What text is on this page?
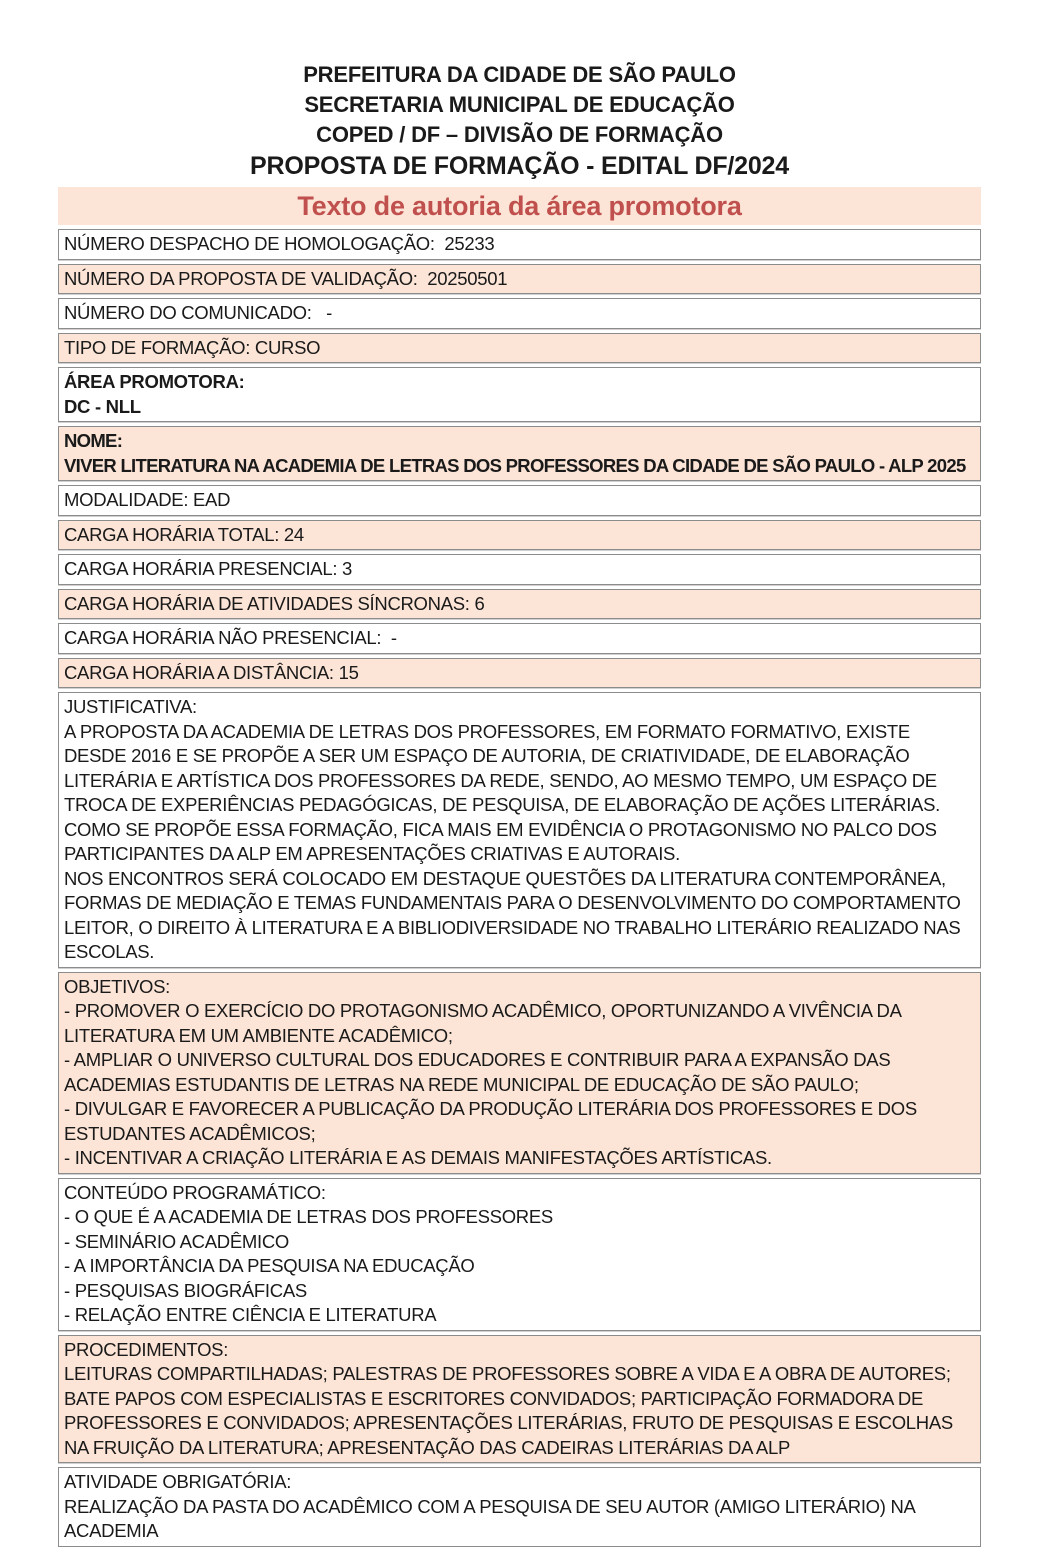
PREFEITURA DA CIDADE DE SÃO PAULO
SECRETARIA MUNICIPAL DE EDUCAÇÃO
COPED / DF – DIVISÃO DE FORMAÇÃO
PROPOSTA DE FORMAÇÃO - EDITAL DF/2024
Texto de autoria da área promotora
NÚMERO DESPACHO DE HOMOLOGAÇÃO:  25233
NÚMERO DA PROPOSTA DE VALIDAÇÃO:  20250501
NÚMERO DO COMUNICADO:   -
TIPO DE FORMAÇÃO: CURSO
ÁREA PROMOTORA:
DC - NLL
NOME:
VIVER LITERATURA NA ACADEMIA DE LETRAS DOS PROFESSORES DA CIDADE DE SÃO PAULO - ALP 2025
MODALIDADE: EAD
CARGA HORÁRIA TOTAL: 24
CARGA HORÁRIA PRESENCIAL: 3
CARGA HORÁRIA DE ATIVIDADES SÍNCRONAS: 6
CARGA HORÁRIA NÃO PRESENCIAL:  -
CARGA HORÁRIA A DISTÂNCIA: 15
JUSTIFICATIVA:
A PROPOSTA DA ACADEMIA DE LETRAS DOS PROFESSORES, EM FORMATO FORMATIVO, EXISTE DESDE 2016 E SE PROPÕE A SER UM ESPAÇO DE AUTORIA, DE CRIATIVIDADE, DE ELABORAÇÃO LITERÁRIA E ARTÍSTICA DOS PROFESSORES DA REDE, SENDO, AO MESMO TEMPO, UM ESPAÇO DE TROCA DE EXPERIÊNCIAS PEDAGÓGICAS, DE PESQUISA, DE ELABORAÇÃO DE AÇÕES LITERÁRIAS. COMO SE PROPÕE ESSA FORMAÇÃO, FICA MAIS EM EVIDÊNCIA O PROTAGONISMO NO PALCO DOS PARTICIPANTES DA ALP EM APRESENTAÇÕES CRIATIVAS E AUTORAIS.
NOS ENCONTROS SERÁ COLOCADO EM DESTAQUE QUESTÕES DA LITERATURA CONTEMPORÂNEA, FORMAS DE MEDIAÇÃO E TEMAS FUNDAMENTAIS PARA O DESENVOLVIMENTO DO COMPORTAMENTO LEITOR, O DIREITO À LITERATURA E A BIBLIODIVERSIDADE NO TRABALHO LITERÁRIO REALIZADO NAS ESCOLAS.
OBJETIVOS:
- PROMOVER O EXERCÍCIO DO PROTAGONISMO ACADÊMICO, OPORTUNIZANDO A VIVÊNCIA DA LITERATURA EM UM AMBIENTE ACADÊMICO;
- AMPLIAR O UNIVERSO CULTURAL DOS EDUCADORES E CONTRIBUIR PARA A EXPANSÃO DAS ACADEMIAS ESTUDANTIS DE LETRAS NA REDE MUNICIPAL DE EDUCAÇÃO DE SÃO PAULO;
- DIVULGAR E FAVORECER A PUBLICAÇÃO DA PRODUÇÃO LITERÁRIA DOS PROFESSORES E DOS ESTUDANTES ACADÊMICOS;
- INCENTIVAR A CRIAÇÃO LITERÁRIA E AS DEMAIS MANIFESTAÇÕES ARTÍSTICAS.
CONTEÚDO PROGRAMÁTICO:
- O QUE É A ACADEMIA DE LETRAS DOS PROFESSORES
- SEMINÁRIO ACADÊMICO
- A IMPORTÂNCIA DA PESQUISA NA EDUCAÇÃO
- PESQUISAS BIOGRÁFICAS
- RELAÇÃO ENTRE CIÊNCIA E LITERATURA
PROCEDIMENTOS:
LEITURAS COMPARTILHADAS; PALESTRAS DE PROFESSORES SOBRE A VIDA E A OBRA DE AUTORES; BATE PAPOS COM ESPECIALISTAS E ESCRITORES CONVIDADOS; PARTICIPAÇÃO FORMADORA DE PROFESSORES E CONVIDADOS; APRESENTAÇÕES LITERÁRIAS, FRUTO DE PESQUISAS E ESCOLHAS NA FRUIÇÃO DA LITERATURA; APRESENTAÇÃO DAS CADEIRAS LITERÁRIAS DA ALP
ATIVIDADE OBRIGATÓRIA:
REALIZAÇÃO DA PASTA DO ACADÊMICO COM A PESQUISA DE SEU AUTOR (AMIGO LITERÁRIO) NA ACADEMIA
